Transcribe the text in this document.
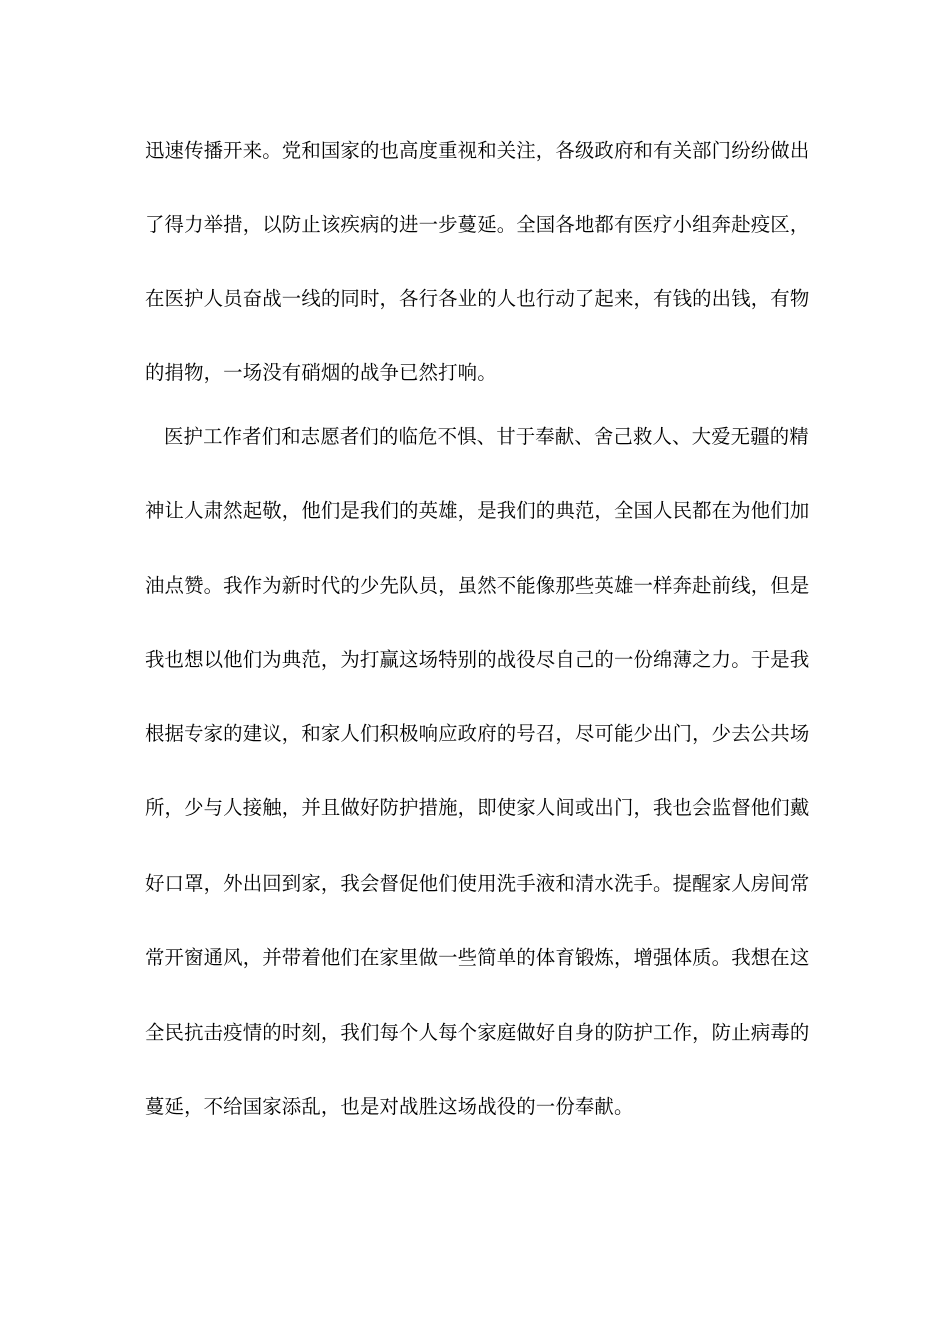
迅速传播开来。党和国家的也高度重视和关注，各级政府和有关部门纷纷做出
了得力举措，以防止该疾病的进一步蔓延。全国各地都有医疗小组奔赴疫区，
在医护人员奋战一线的同时，各行各业的人也行动了起来，有钱的出钱，有物
的捐物，一场没有硝烟的战争已然打响。
医护工作者们和志愿者们的临危不惧、甘于奉献、舍己救人、大爱无疆的精
神让人肃然起敬，他们是我们的英雄，是我们的典范，全国人民都在为他们加
油点赞。我作为新时代的少先队员，虽然不能像那些英雄一样奔赴前线，但是
我也想以他们为典范，为打赢这场特别的战役尽自己的一份绵薄之力。于是我
根据专家的建议，和家人们积极响应政府的号召，尽可能少出门，少去公共场
所，少与人接触，并且做好防护措施，即使家人间或出门，我也会监督他们戴
好口罩，外出回到家，我会督促他们使用洗手液和清水洗手。提醒家人房间常
常开窗通风，并带着他们在家里做一些简单的体育锻炼，增强体质。我想在这
全民抗击疫情的时刻，我们每个人每个家庭做好自身的防护工作，防止病毒的
蔓延，不给国家添乱，也是对战胜这场战役的一份奉献。
